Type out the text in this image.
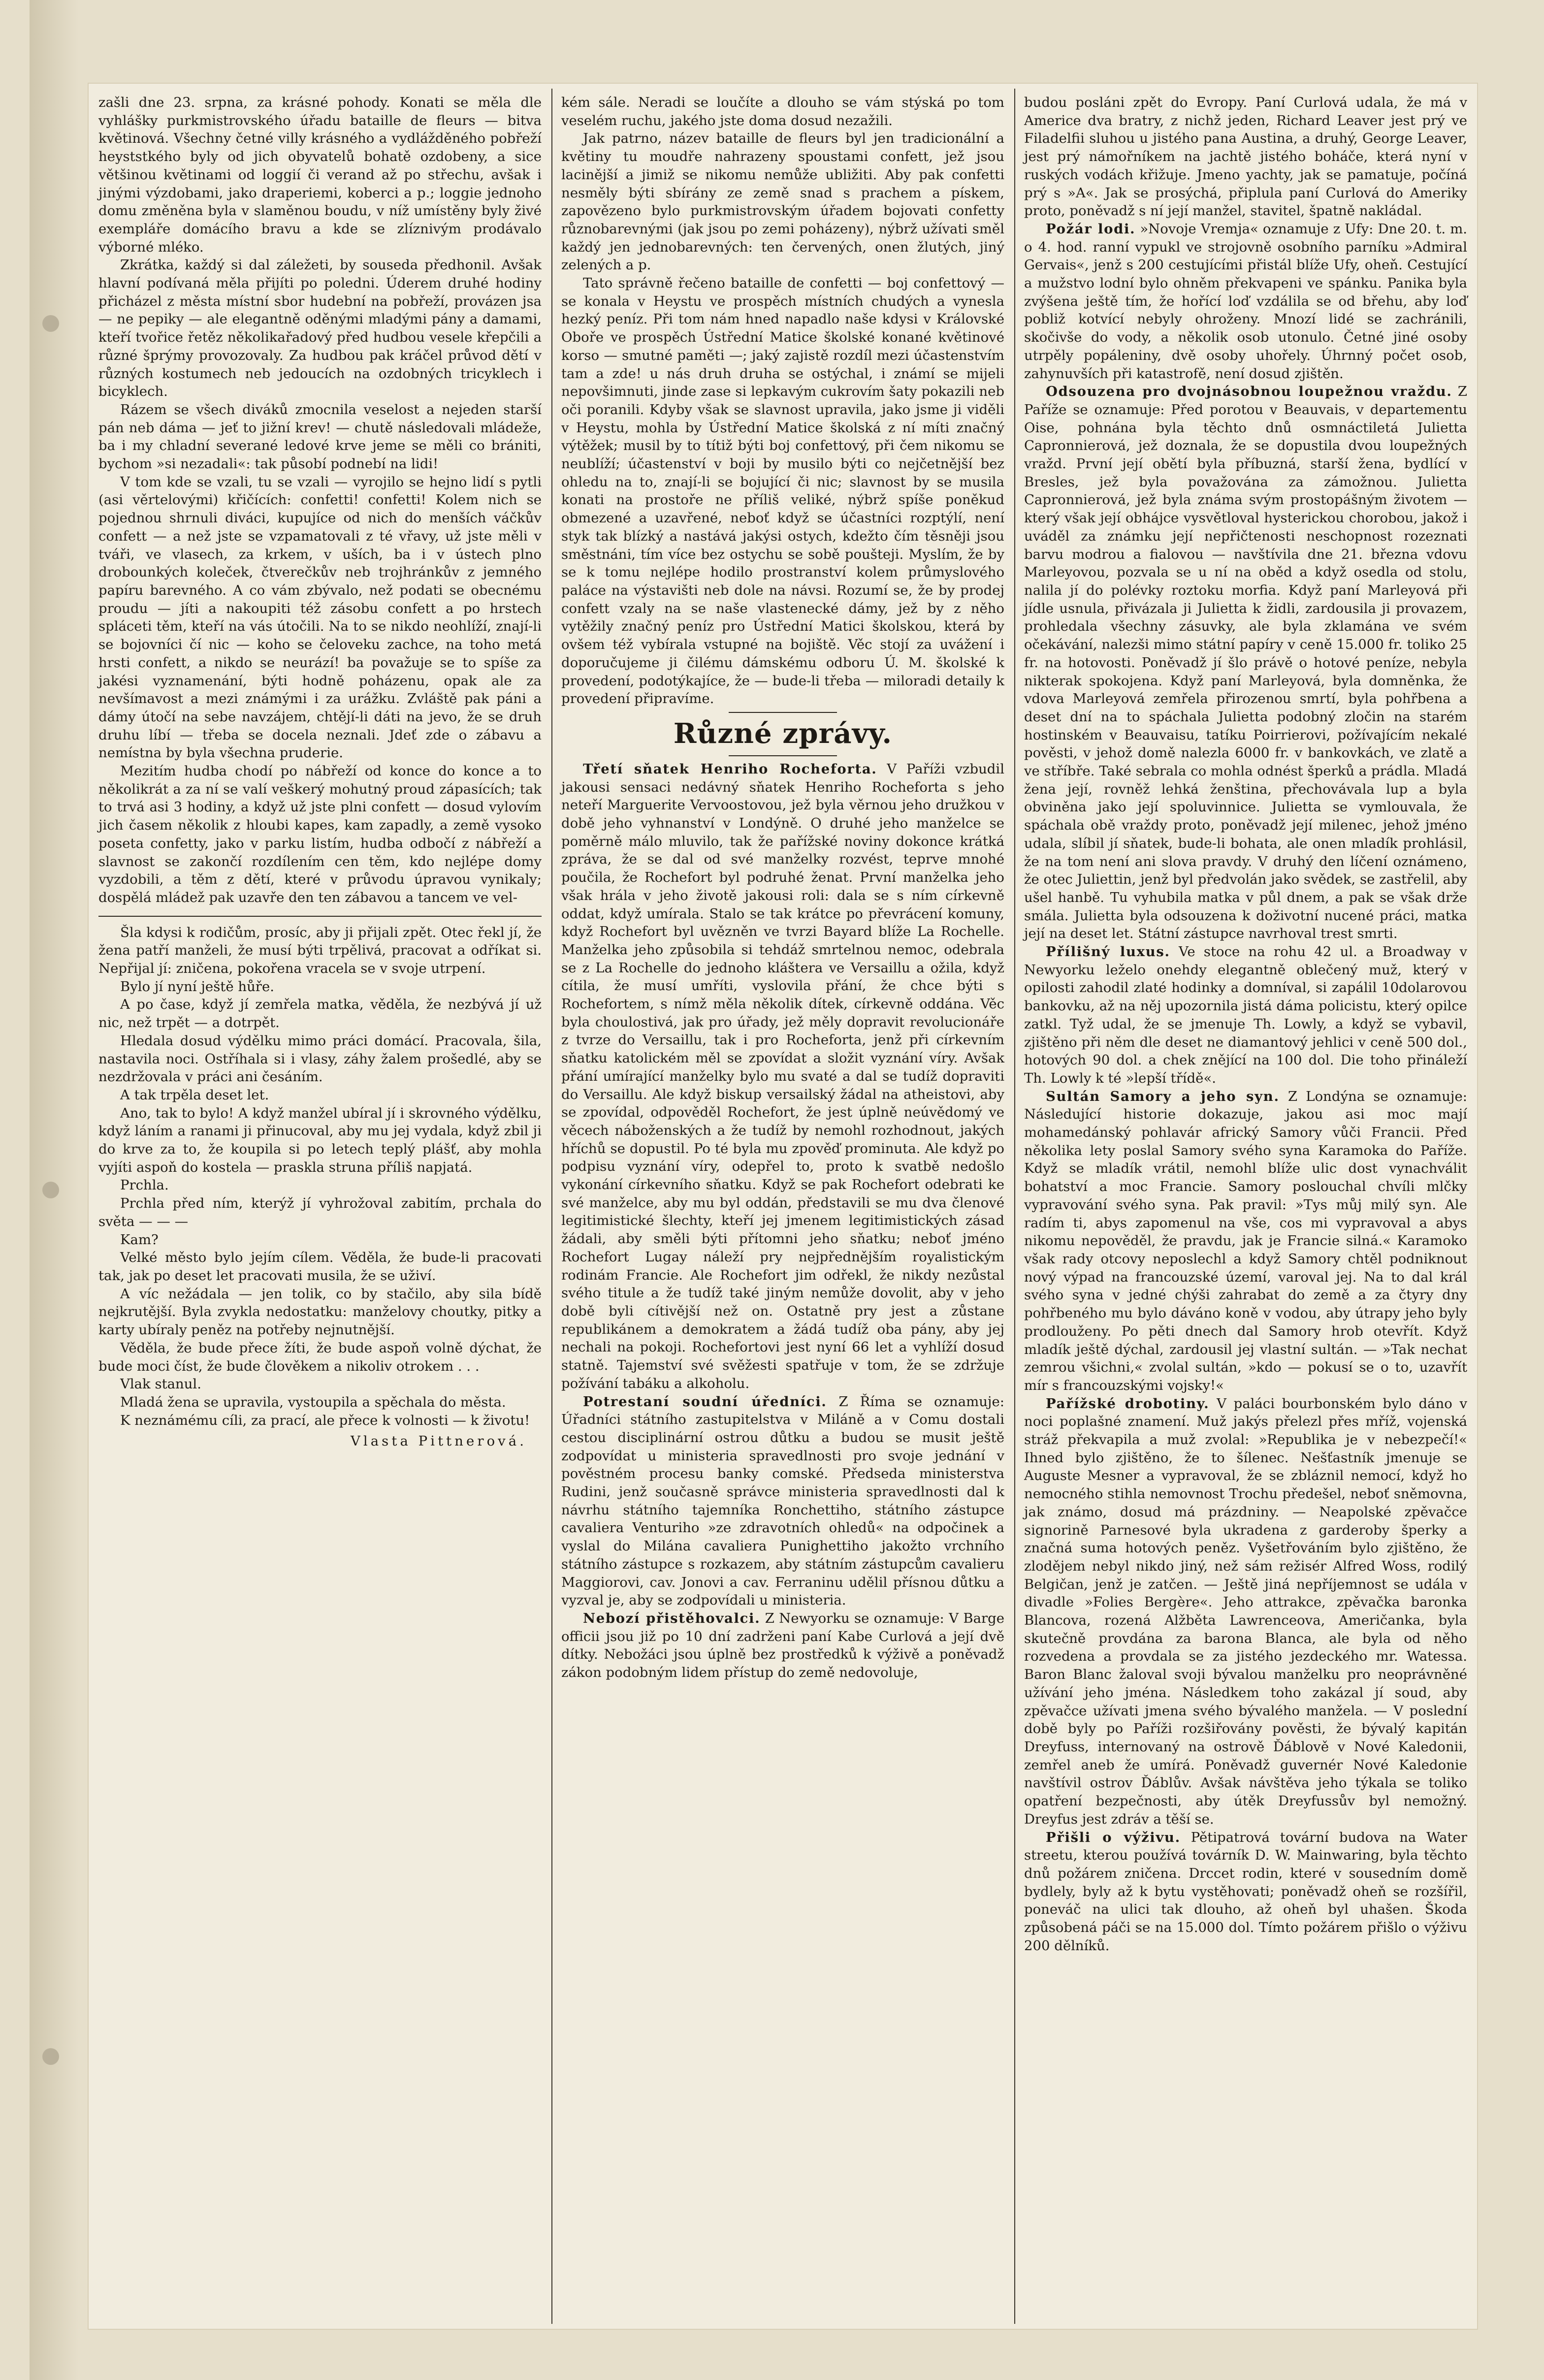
zašli dne 23. srpna, za krásné pohody. Konati se měla dle vyhlášky purkmistrovského úřadu bataille de fleurs — bitva květinová. Všechny četné villy krásného a vydlážděného pobřeží heyststkého byly od jich obyvatelů bohatě ozdobeny, a sice většinou květinami od loggií či verand až po střechu, avšak i jinými výzdobami, jako draperiemi, koberci a p.; loggie jednoho domu změněna byla v slaměnou boudu, v níž umístěny byly živé exempláře domácího bravu a kde se zlíznivým prodávalo výborné mléko.

Zkrátka, každý si dal záležeti, by souseda předhonil. Avšak hlavní podívaná měla přijíti po poledni. Úderem druhé hodiny přicházel z města místní sbor hudební na pobřeží, provázen jsa — ne pepiky — ale elegantně oděnými mladými pány a damami, kteří tvořice řetěz několikařadový před hudbou vesele křepčili a různé šprýmy provozovaly. Za hudbou pak kráčel průvod dětí v různých kostumech neb jedoucích na ozdobných tricyklech i bicyklech.

Rázem se všech diváků zmocnila veselost a nejeden starší pán neb dáma — jeť to jižní krev! — chutě následovali mládeže, ba i my chladní severané ledové krve jeme se měli co brániti, bychom »si nezadali«: tak působí podnebí na lidi!

V tom kde se vzali, tu se vzali — vyrojilo se hejno lidí s pytli (asi věrtelovými) křičících: confetti! confetti! Kolem nich se pojednou shrnuli diváci, kupujíce od nich do menších váčkův confett — a než jste se vzpamatovali z té vřavy, už jste měli v tváři, ve vlasech, za krkem, v uších, ba i v ústech plno drobounkých koleček, čtverečkův neb trojhránkův z jemného papíru barevného. A co vám zbývalo, než podati se obecnému proudu — jíti a nakoupiti též zásobu confett a po hrstech spláceti těm, kteří na vás útočili. Na to se nikdo neohlíží, znají-li se bojovníci čí nic — koho se čeloveku zachce, na toho metá hrsti confett, a nikdo se neurází! ba považuje se to spíše za jakési vyznamenání, býti hodně poházenu, opak ale za nevšímavost a mezi známými i za urážku. Zvláště pak páni a dámy útočí na sebe navzájem, chtějí-li dáti na jevo, že se druh druhu líbí — třeba se docela neznali. Jdeť zde o zábavu a nemístna by byla všechna pruderie.

Mezitím hudba chodí po nábřeží od konce do konce a to několikrát a za ní se valí veškerý mohutný proud zápasících; tak to trvá asi 3 hodiny, a když už jste plni confett — dosud vylovím jich časem několik z hloubi kapes, kam zapadly, a země vysoko poseta confetty, jako v parku listím, hudba odbočí z nábřeží a slavnost se zakončí rozdílením cen těm, kdo nejlépe domy vyzdobili, a těm z dětí, které v průvodu úpravou vynikaly; dospělá mládež pak uzavře den ten zábavou a tancem ve vel-

Šla kdysi k rodičům, prosíc, aby ji přijali zpět. Otec řekl jí, že žena patří manželi, že musí býti trpělivá, pracovat a odříkat si. Nepřijal jí: zničena, pokořena vracela se v svoje utrpení.

Bylo jí nyní ještě hůře.

A po čase, když jí zemřela matka, věděla, že nezbývá jí už nic, než trpět — a dotrpět.

Hledala dosud výdělku mimo práci domácí. Pracovala, šila, nastavila noci. Ostříhala si i vlasy, záhy žalem prošedlé, aby se nezdržovala v práci ani česáním.

A tak trpěla deset let.

Ano, tak to bylo! A když manžel ubíral jí i skrovného výdělku, když láním a ranami ji přinucoval, aby mu jej vydala, když zbil ji do krve za to, že koupila si po letech teplý plášť, aby mohla vyjíti aspoň do kostela — praskla struna příliš napjatá.

Prchla.

Prchla před ním, kterýž jí vyhrožoval zabitím, prchala do světa — — —

Kam?

Velké město bylo jejím cílem. Věděla, že bude-li pracovati tak, jak po deset let pracovati musila, že se uživí.

A víc nežádala — jen tolik, co by stačilo, aby sila bídě nejkrutější. Byla zvykla nedostatku: manželovy choutky, pitky a karty ubíraly peněz na potřeby nejnutnější.

Věděla, že bude přece žíti, že bude aspoň volně dýchat, že bude moci číst, že bude člověkem a nikoliv otrokem . . .

Vlak stanul.

Mladá žena se upravila, vystoupila a spěchala do města.

K neznámému cíli, za prací, ale přece k volnosti — k životu!

Vlasta Pittnerová.

kém sále. Neradi se loučíte a dlouho se vám stýská po tom veselém ruchu, jakého jste doma dosud nezažili.

Jak patrno, název bataille de fleurs byl jen tradicionální a květiny tu moudře nahrazeny spoustami confett, jež jsou lacinější a jimiž se nikomu nemůže ubližiti. Aby pak confetti nesměly býti sbírány ze země snad s prachem a pískem, zapovězeno bylo purkmistrovským úřadem bojovati confetty různobarevnými (jak jsou po zemi poházeny), nýbrž užívati směl každý jen jednobarevných: ten červených, onen žlutých, jiný zelených a p.

Tato správně řečeno bataille de confetti — boj confettový — se konala v Heystu ve prospěch místních chudých a vynesla hezký peníz. Při tom nám hned napadlo naše kdysi v Královské Oboře ve prospěch Ústřední Matice školské konané květinové korso — smutné paměti —; jaký zajistě rozdíl mezi účastenstvím tam a zde! u nás druh druha se ostýchal, i známí se mijeli nepovšimnuti, jinde zase si lepkavým cukrovím šaty pokazili neb oči poranili. Kdyby však se slavnost upravila, jako jsme ji viděli v Heystu, mohla by Ústřední Matice školská z ní míti značný výtěžek; musil by to títiž býti boj confettový, při čem nikomu se neublíží; účastenství v boji by musilo býti co nejčetnější bez ohledu na to, znají-li se bojující či nic; slavnost by se musila konati na prostoře ne příliš veliké, nýbrž spíše poněkud obmezené a uzavřené, neboť když se účastníci rozptýlí, není styk tak blízký a nastává jakýsi ostych, kdežto čím těsněji jsou směstnáni, tím více bez ostychu se sobě poušteji. Myslím, že by se k tomu nejlépe hodilo prostranství kolem průmyslového paláce na výstavišti neb dole na návsi. Rozumí se, že by prodej confett vzaly na se naše vlastenecké dámy, jež by z něho vytěžily značný peníz pro Ústřední Matici školskou, která by ovšem též vybírala vstupné na bojiště. Věc stojí za uvážení i doporučujeme ji čilému dámskému odboru Ú. M. školské k provedení, podotýkajíce, že — bude-li třeba — miloradi detaily k provedení připravíme.

Různé zprávy.

Třetí sňatek Henriho Rocheforta. V Paříži vzbudil jakousi sensaci nedávný sňatek Henriho Rocheforta s jeho neteří Marguerite Vervoostovou, jež byla věrnou jeho družkou v době jeho vyhnanství v Londýně. O druhé jeho manželce se poměrně málo mluvilo, tak že pařížské noviny dokonce krátká zpráva, že se dal od své manželky rozvést, teprve mnohé poučila, že Rochefort byl podruhé ženat. První manželka jeho však hrála v jeho životě jakousi roli: dala se s ním církevně oddat, když umírala. Stalo se tak krátce po převrácení komuny, když Rochefort byl uvězněn ve tvrzi Bayard blíže La Rochelle. Manželka jeho způsobila si tehdáž smrtelnou nemoc, odebrala se z La Rochelle do jednoho kláštera ve Versaillu a ožila, když cítila, že musí umříti, vyslovila přání, že chce býti s Rochefortem, s nímž měla několik dítek, církevně oddána. Věc byla choulostivá, jak pro úřady, jež měly dopravit revolucionáře z tvrze do Versaillu, tak i pro Rocheforta, jenž při církevním sňatku katolickém měl se zpovídat a složit vyznání víry. Avšak přání umírající manželky bylo mu svaté a dal se tudíž dopraviti do Versaillu. Ale když biskup versailský žádal na atheistovi, aby se zpovídal, odpověděl Rochefort, že jest úplně neúvědomý ve věcech náboženských a že tudíž by nemohl rozhodnout, jakých hříchů se dopustil. Po té byla mu zpověď prominuta. Ale když po podpisu vyznání víry, odepřel to, proto k svatbě nedošlo vykonání církevního sňatku. Když se pak Rochefort odebrati ke své manželce, aby mu byl oddán, představili se mu dva členové legitimistické šlechty, kteří jej jmenem legitimistických zásad žádali, aby směli býti přítomni jeho sňatku; neboť jméno Rochefort Lugay náleží pry nejpřednějším royalistickým rodinám Francie. Ale Rochefort jim odřekl, že nikdy nezůstal svého titule a že tudíž také jiným nemůže dovolit, aby v jeho době byli cítivější než on. Ostatně pry jest a zůstane republikánem a demokratem a žádá tudíž oba pány, aby jej nechali na pokoji. Rochefortovi jest nyní 66 let a vyhlíží dosud statně. Tajemství své svěžesti spatřuje v tom, že se zdržuje požívání tabáku a alkoholu.

Potrestaní soudní úředníci. Z Říma se oznamuje: Úřadníci státního zastupitelstva v Miláně a v Comu dostali cestou disciplinární ostrou důtku a budou se musit ještě zodpovídat u ministeria spravedlnosti pro svoje jednání v pověstném procesu banky comské. Předseda ministerstva Rudini, jenž současně správce ministeria spravedlnosti dal k návrhu státního tajemníka Ronchettiho, státního zástupce cavaliera Venturiho »ze zdravotních ohledů« na odpočinek a vyslal do Milána cavaliera Punighettiho jakožto vrchního státního zástupce s rozkazem, aby státním zástupcům cavalieru Maggiorovi, cav. Jonovi a cav. Ferraninu udělil přísnou důtku a vyzval je, aby se zodpovídali u ministeria.

Nebozí přistěhovalci. Z Newyorku se oznamuje: V Barge officii jsou již po 10 dní zadrženi paní Kabe Curlová a její dvě dítky. Nebožáci jsou úplně bez prostředků k výživě a poněvadž zákon podobným lidem přístup do země nedovoluje,

budou posláni zpět do Evropy. Paní Curlová udala, že má v Americe dva bratry, z nichž jeden, Richard Leaver jest prý ve Filadelfii sluhou u jistého pana Austina, a druhý, George Leaver, jest prý námořníkem na jachtě jistého boháče, která nyní v ruských vodách křižuje. Jmeno yachty, jak se pamatuje, počíná prý s »A«. Jak se prosýchá, připlula paní Curlová do Ameriky proto, poněvadž s ní její manžel, stavitel, špatně nakládal.

Požár lodi. »Novoje Vremja« oznamuje z Ufy: Dne 20. t. m. o 4. hod. ranní vypukl ve strojovně osobního parníku »Admiral Gervais«, jenž s 200 cestujícími přistál blíže Ufy, oheň. Cestující a mužstvo lodní bylo ohněm překvapeni ve spánku. Panika byla zvýšena ještě tím, že hořící loď vzdálila se od břehu, aby loď pobliž kotvící nebyly ohroženy. Mnozí lidé se zachránili, skočivše do vody, a několik osob utonulo. Četné jiné osoby utrpěly popáleniny, dvě osoby uhořely. Úhrnný počet osob, zahynuvších při katastrofě, není dosud zjištěn.

Odsouzena pro dvojnásobnou loupežnou vraždu. Z Paříže se oznamuje: Před porotou v Beauvais, v departementu Oise, pohnána byla těchto dnů osmnáctiletá Julietta Capronnierová, jež doznala, že se dopustila dvou loupežných vražd. První její obětí byla příbuzná, starší žena, bydlící v Bresles, jež byla považována za zámožnou. Julietta Capronnierová, jež byla známa svým prostopášným životem — který však její obhájce vysvětloval hysterickou chorobou, jakož i uváděl za známku její nepřičtenosti neschopnost rozeznati barvu modrou a fialovou — navštívila dne 21. března vdovu Marleyovou, pozvala se u ní na oběd a když osedla od stolu, nalila jí do polévky roztoku morfia. Když paní Marleyová při jídle usnula, přivázala ji Julietta k židli, zardousila ji provazem, prohledala všechny zásuvky, ale byla zklamána ve svém očekávání, nalezši mimo státní papíry v ceně 15.000 fr. toliko 25 fr. na hotovosti. Poněvadž jí šlo právě o hotové peníze, nebyla nikterak spokojena. Když paní Marleyová, byla domněnka, že vdova Marleyová zemřela přirozenou smrtí, byla pohřbena a deset dní na to spáchala Julietta podobný zločin na starém hostinském v Beauvaisu, tatíku Poirrierovi, požívajícím nekalé pověsti, v jehož domě nalezla 6000 fr. v bankovkách, ve zlatě a ve stříbře. Také sebrala co mohla odnést šperků a prádla. Mladá žena její, rovněž lehká ženština, přechovávala lup a byla obviněna jako její spoluvinnice. Julietta se vymlouvala, že spáchala obě vraždy proto, poněvadž její milenec, jehož jméno udala, slíbil jí sňatek, bude-li bohata, ale onen mladík prohlásil, že na tom není ani slova pravdy. V druhý den líčení oznámeno, že otec Juliettin, jenž byl předvolán jako svědek, se zastřelil, aby ušel hanbě. Tu vyhubila matka v půl dnem, a pak se však drže smála. Julietta byla odsouzena k doživotní nucené práci, matka její na deset let. Státní zástupce navrhoval trest smrti.

Přílišný luxus. Ve stoce na rohu 42 ul. a Broadway v Newyorku leželo onehdy elegantně oblečený muž, který v opilosti zahodil zlaté hodinky a domníval, si zapálil 10dolarovou bankovku, až na něj upozornila jistá dáma policistu, který opilce zatkl. Tyž udal, že se jmenuje Th. Lowly, a když se vybavil, zjištěno při něm dle deset ne diamantový jehlici v ceně 500 dol., hotových 90 dol. a chek znějící na 100 dol. Die toho přináleží Th. Lowly k té »lepší třídě«.

Sultán Samory a jeho syn. Z Londýna se oznamuje: Následující historie dokazuje, jakou asi moc mají mohamedánský pohlavár africký Samory vůči Francii. Před několika lety poslal Samory svého syna Karamoka do Paříže. Když se mladík vrátil, nemohl blíže ulic dost vynachválit bohatství a moc Francie. Samory poslouchal chvíli mlčky vypravování svého syna. Pak pravil: »Tys můj milý syn. Ale radím ti, abys zapomenul na vše, cos mi vypravoval a abys nikomu nepověděl, že pravdu, jak je Francie silná.« Karamoko však rady otcovy neposlechl a když Samory chtěl podniknout nový výpad na francouzské území, varoval jej. Na to dal král svého syna v jedné chýši zahrabat do země a za čtyry dny pohřbeného mu bylo dáváno koně v vodou, aby útrapy jeho byly prodlouženy. Po pěti dnech dal Samory hrob otevřít. Když mladík ještě dýchal, zardousil jej vlastní sultán. — »Tak nechat zemrou všichni,« zvolal sultán, »kdo — pokusí se o to, uzavřít mír s francouzskými vojsky!«

Pařížské drobotiny. V paláci bourbonském bylo dáno v noci poplašné znamení. Muž jakýs přelezl přes mříž, vojenská stráž překvapila a muž zvolal: »Republika je v nebezpečí!« Ihned bylo zjištěno, že to šílenec. Nešťastník jmenuje se Auguste Mesner a vypravoval, že se zbláznil nemocí, když ho nemocného stihla nemovnost Trochu předešel, neboť sněmovna, jak známo, dosud má prázdniny. — Neapolské zpěvačce signorině Parnesové byla ukradena z garderoby šperky a značná suma hotových peněz. Vyšetřováním bylo zjištěno, že zlodějem nebyl nikdo jiný, než sám režisér Alfred Woss, rodilý Belgičan, jenž je zatčen. — Ještě jiná nepříjemnost se udála v divadle »Folies Bergère«. Jeho attrakce, zpěvačka baronka Blancova, rozená Alžběta Lawrenceova, Američanka, byla skutečně provdána za barona Blanca, ale byla od něho rozvedena a provdala se za jistého jezdeckého mr. Watessa. Baron Blanc žaloval svoji bývalou manželku pro neoprávněné užívání jeho jména. Následkem toho zakázal jí soud, aby zpěvačce užívati jmena svého bývalého manžela. — V poslední době byly po Paříži rozšiřovány pověsti, že bývalý kapitán Dreyfuss, internovaný na ostrově Ďáblově v Nové Kaledonii, zemřel aneb že umírá. Poněvadž guvernér Nové Kaledonie navštívil ostrov Ďáblův. Avšak návštěva jeho týkala se toliko opatření bezpečnosti, aby útěk Dreyfussův byl nemožný. Dreyfus jest zdráv a těší se.

Přišli o výživu. Pětipatrová tovární budova na Water streetu, kterou používá továrník D. W. Mainwaring, byla těchto dnů požárem zničena. Drccet rodin, které v sousedním domě bydlely, byly až k bytu vystěhovati; poněvadž oheň se rozšířil, poneváč na ulici tak dlouho, až oheň byl uhašen. Škoda způsobená páči se na 15.000 dol. Tímto požárem přišlo o výživu 200 dělníků.
